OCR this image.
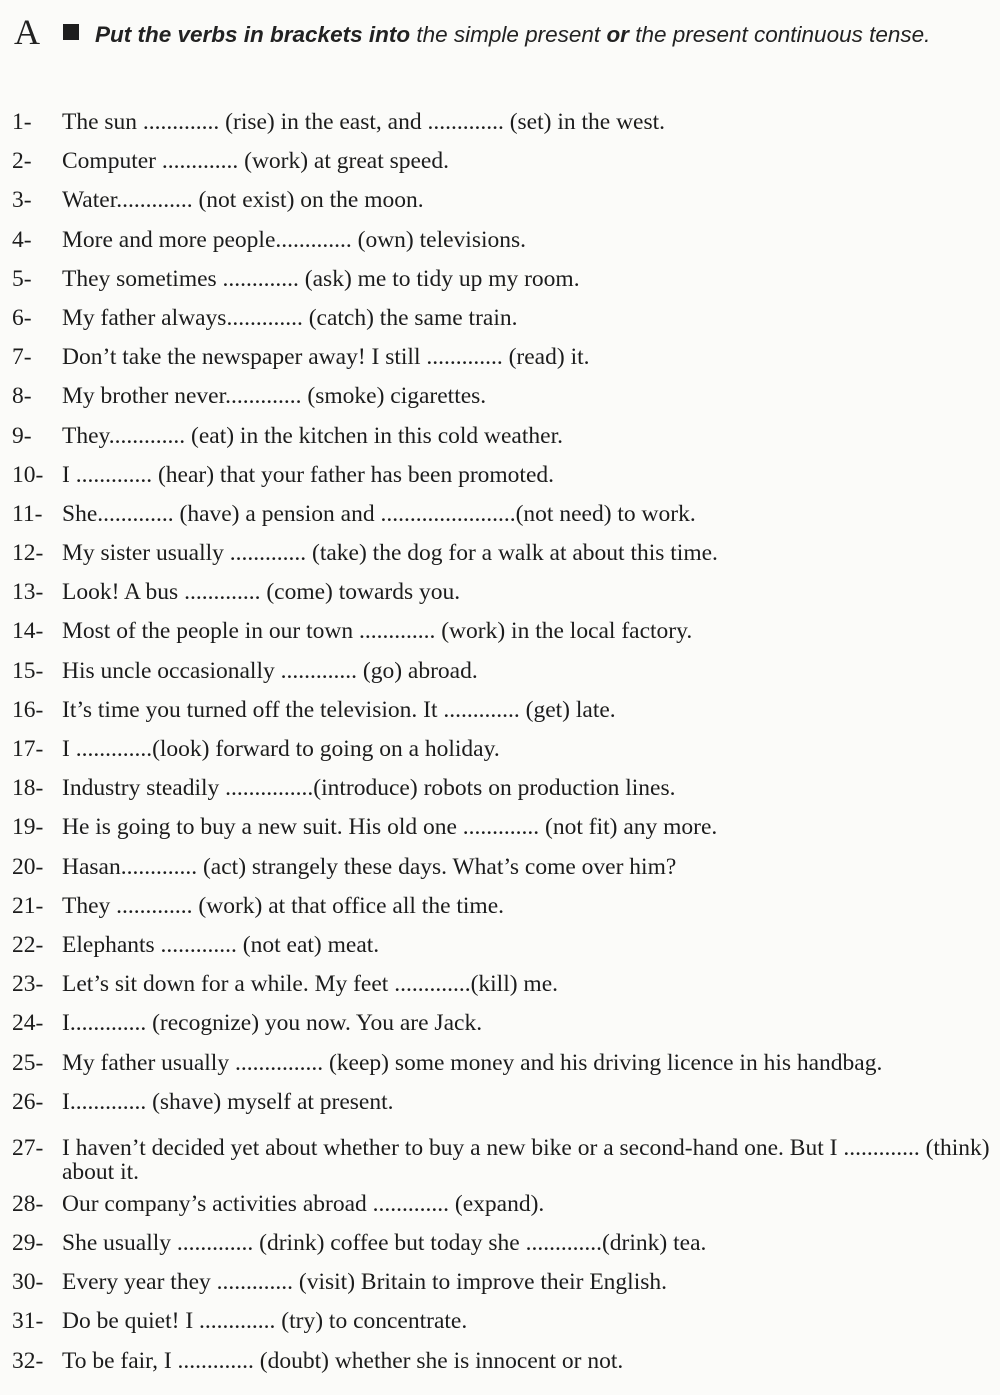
A Put the verbs in brackets into the simple present or the present continuous tense.
1-	The sun ............. (rise) in the east, and ............. (set) in the west.
2-	Computer ............. (work) at great speed.
3-	Water............. (not exist) on the moon.
4-	More and more people............. (own) televisions.
5-	They sometimes ............. (ask) me to tidy up my room.
6-	My father always............. (catch) the same train.
7-	Don’t take the newspaper away! I still ............. (read) it.
8-	My brother never............. (smoke) cigarettes.
9-	They............. (eat) in the kitchen in this cold weather.
10- I ............. (hear) that your father has been promoted.
11- She............. (have) a pension and .......................(not need) to work.
12- My sister usually ............. (take) the dog for a walk at about this time.
13- Look! A bus ............. (come) towards you.
14- Most of the people in our town ............. (work) in the local factory.
15- His uncle occasionally ............. (go) abroad.
16- It’s time you turned off the television. It ............. (get) late.
17- I .............(look) forward to going on a holiday.
18- Industry steadily ...............(introduce) robots on production lines.
19- He is going to buy a new suit. His old one ............. (not fit) any more.
20- Hasan............. (act) strangely these days. What’s come over him?
21- They ............. (work) at that office all the time.
22- Elephants ............. (not eat) meat.
23- Let’s sit down for a while. My feet .............(kill) me.
24- I............. (recognize) you now. You are Jack.
25- My father usually ............... (keep) some money and his driving licence in his handbag.
26- I............. (shave) myself at present.
27- I haven’t decided yet about whether to buy a new bike or a second-hand one. But I ............. (think) about it.
28- Our company’s activities abroad ............. (expand).
29- She usually ............. (drink) coffee but today she .............(drink) tea.
30- Every year they ............. (visit) Britain to improve their English.
31- Do be quiet! I ............. (try) to concentrate.
32- To be fair, I ............. (doubt) whether she is innocent or not.
